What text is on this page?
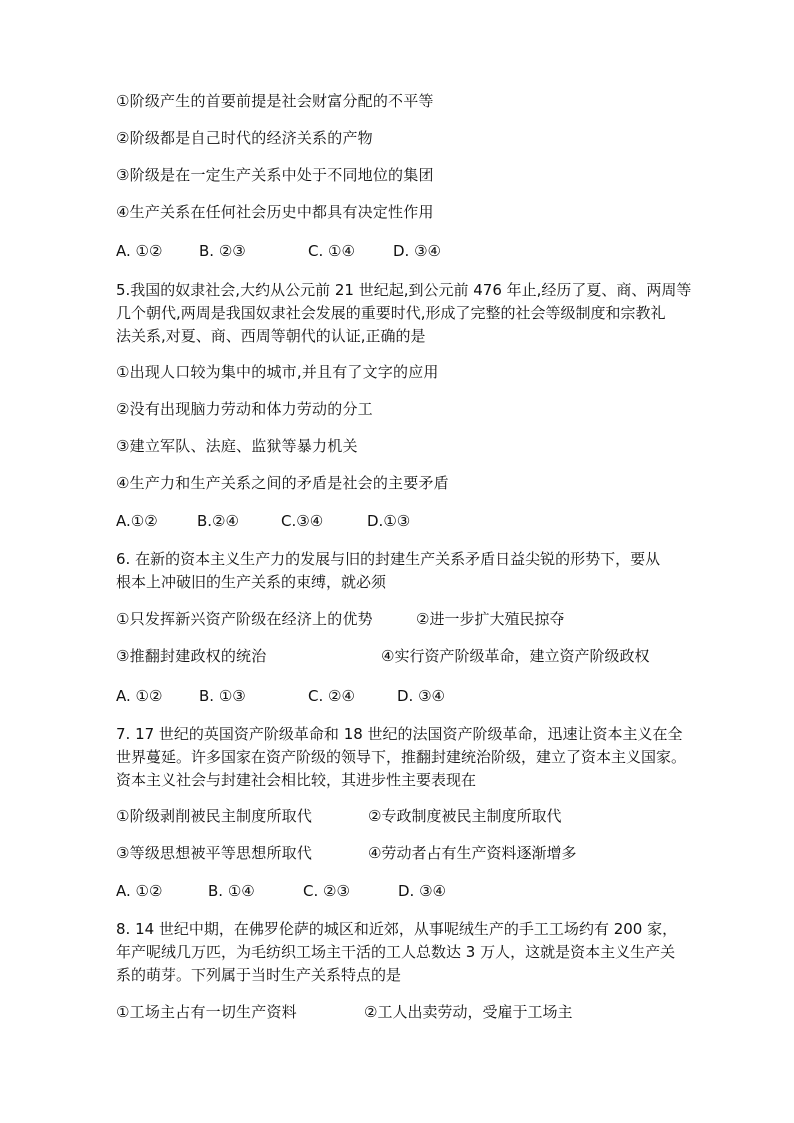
①阶级产生的首要前提是社会财富分配的不平等
②阶级都是自己时代的经济关系的产物
③阶级是在一定生产关系中处于不同地位的集团
④生产关系在任何社会历史中都具有决定性作用
A. ①② B. ②③	C. ①④	D. ③④
5.我国的奴隶社会,大约从公元前 21 世纪起,到公元前 476 年止,经历了夏、商、两周等
几个朝代,两周是我国奴隶社会发展的重要时代,形成了完整的社会等级制度和宗教礼
法关系,对夏、商、西周等朝代的认证,正确的是
①出现人口较为集中的城市,并且有了文字的应用
②没有出现脑力劳动和体力劳动的分工
③建立军队、法庭、监狱等暴力机关
④生产力和生产关系之间的矛盾是社会的主要矛盾
A.①②	B.②④	C.③④	D.①③
6. 在新的资本主义生产力的发展与旧的封建生产关系矛盾日益尖锐的形势下，要从
根本上冲破旧的生产关系的束缚，就必须
①只发挥新兴资产阶级在经济上的优势	②进一步扩大殖民掠夺
③推翻封建政权的统治	④实行资产阶级革命，建立资产阶级政权
A. ①② B. ①③	C. ②④	D. ③④
7. 17 世纪的英国资产阶级革命和 18 世纪的法国资产阶级革命，迅速让资本主义在全
世界蔓延。许多国家在资产阶级的领导下，推翻封建统治阶级，建立了资本主义国家。
资本主义社会与封建社会相比较，其进步性主要表现在
①阶级剥削被民主制度所取代	②专政制度被民主制度所取代
③等级思想被平等思想所取代	④劳动者占有生产资料逐渐增多
A. ①②	B. ①④	C. ②③	D. ③④
8. 14 世纪中期，在佛罗伦萨的城区和近郊，从事呢绒生产的手工工场约有 200 家，
年产呢绒几万匹，为毛纺织工场主干活的工人总数达 3 万人，这就是资本主义生产关
系的萌芽。下列属于当时生产关系特点的是
①工场主占有一切生产资料	②工人出卖劳动，受雇于工场主
